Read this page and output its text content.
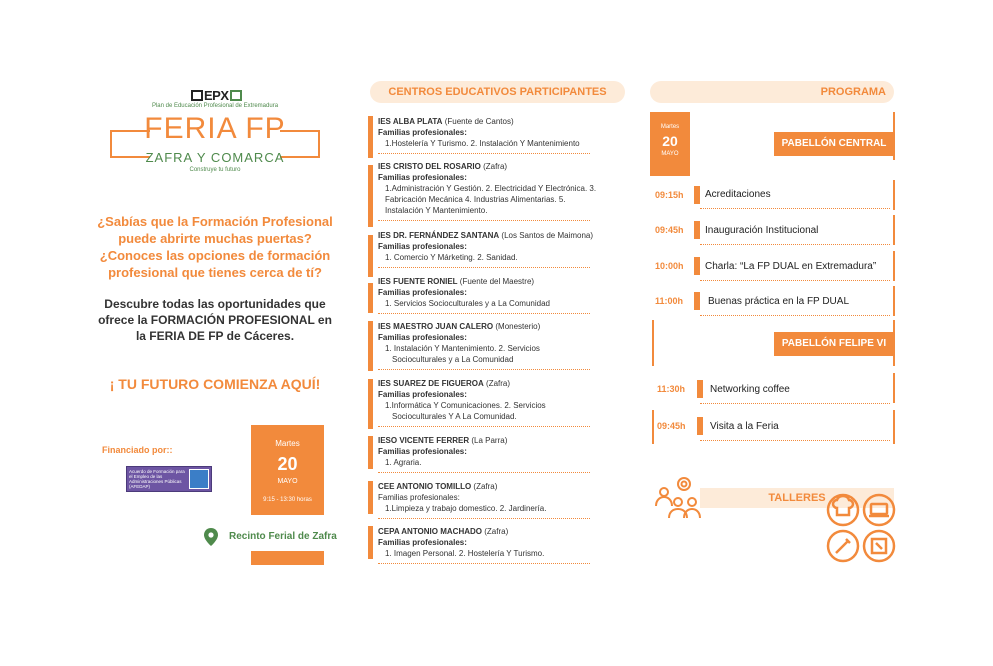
EPX
Plan de Educación Profesional de Extremadura
FERIA FP
ZAFRA Y COMARCA
Construye tu futuro
¿Sabías que la Formación Profesional puede abrirte muchas puertas? ¿Conoces las opciones de formación profesional que tienes cerca de tí?
Descubre todas las oportunidades que ofrece la FORMACIÓN PROFESIONAL en la FERIA DE FP de Cáceres.
¡ TU FUTURO COMIENZA AQUÍ!
Financiado por::
Acuerdo de Formación para el Empleo de las Administraciones Públicas (AFEDAP)
Martes
20
MAYO
9:15 - 13:30 horas
Recinto Ferial de Zafra
CENTROS EDUCATIVOS PARTICIPANTES
IES ALBA PLATA (Fuente de Cantos)
Familias profesionales:
1.Hostelería Y Turismo. 2. Instalación Y Mantenimiento
IES CRISTO DEL ROSARIO (Zafra)
Familias profesionales:
1.Administración Y Gestión. 2. Electricidad Y Electrónica. 3.
Fabricación Mecánica 4. Industrias Alimentarias. 5.
Instalación Y Mantenimiento.
IES DR. FERNÁNDEZ SANTANA (Los Santos de Maimona)
Familias profesionales:
1. Comercio Y Márketing. 2. Sanidad.
IES FUENTE RONIEL (Fuente del Maestre)
Familias profesionales:
1. Servicios Socioculturales y a La Comunidad
IES MAESTRO JUAN CALERO (Monesterio)
Familias profesionales:
1. Instalación Y Mantenimiento. 2. Servicios
Socioculturales y a La Comunidad
IES SUAREZ DE FIGUEROA (Zafra)
Familias profesionales:
1.Informática Y Comunicaciones. 2. Servicios
Socioculturales Y A La Comunidad.
IESO VICENTE FERRER (La Parra)
Familias profesionales:
1. Agraria.
CEE ANTONIO TOMILLO (Zafra)
Familias profesionales:
1.Limpieza y trabajo domestico. 2. Jardinería.
CEPA ANTONIO MACHADO (Zafra)
Familias profesionales:
1. Imagen Personal. 2. Hostelería Y Turismo.
PROGRAMA
Martes
20
MAYO
PABELLÓN CENTRAL
09:15h Acreditaciones
09:45h Inauguración Institucional
10:00h Charla: “La FP DUAL en Extremadura”
11:00h Buenas práctica en la FP DUAL
PABELLÓN FELIPE VI
11:30h Networking coffee
09:45h Visita a la Feria
TALLERES
